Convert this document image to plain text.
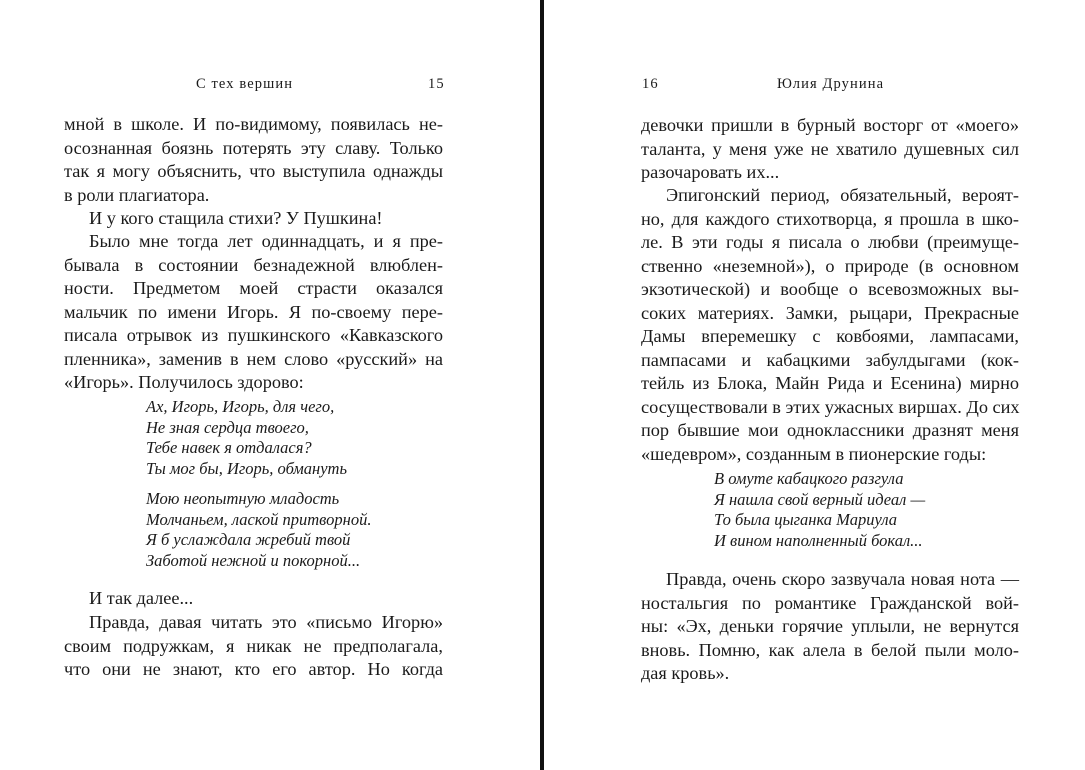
С тех вершин	15
мной в школе. И по-видимому, появилась не-
осознанная боязнь потерять эту славу. Только
так я могу объяснить, что выступила однажды
в роли плагиатора.
И у кого стащила стихи? У Пушкина!
Было мне тогда лет одиннадцать, и я пре-
бывала в состоянии безнадежной влюблен-
ности. Предметом моей страсти оказался
мальчик по имени Игорь. Я по-своему пере-
писала отрывок из пушкинского «Кавказского
пленника», заменив в нем слово «русский» на
«Игорь». Получилось здорово:
Ах, Игорь, Игорь, для чего,
Не зная сердца твоего,
Тебе навек я отдалася?
Ты мог бы, Игорь, обмануть
Мою неопытную младость
Молчаньем, лаской притворной.
Я б услаждала жребий твой
Заботой нежной и покорной...
И так далее...
Правда, давая читать это «письмо Игорю»
своим подружкам, я никак не предполагала,
что они не знают, кто его автор. Но когда
16	Юлия Друнина
девочки пришли в бурный восторг от «моего»
таланта, у меня уже не хватило душевных сил
разочаровать их...
Эпигонский период, обязательный, вероят-
но, для каждого стихотворца, я прошла в шко-
ле. В эти годы я писала о любви (преимуще-
ственно «неземной»), о природе (в основном
экзотической) и вообще о всевозможных вы-
соких материях. Замки, рыцари, Прекрасные
Дамы вперемешку с ковбоями, лампасами,
пампасами и кабацкими забулдыгами (кок-
тейль из Блока, Майн Рида и Есенина) мирно
сосуществовали в этих ужасных виршах. До сих
пор бывшие мои одноклассники дразнят меня
«шедевром», созданным в пионерские годы:
В омуте кабацкого разгула
Я нашла свой верный идеал —
То была цыганка Мариула
И вином наполненный бокал...
Правда, очень скоро зазвучала новая нота —
ностальгия по романтике Гражданской вой-
ны: «Эх, деньки горячие уплыли, не вернутся
вновь. Помню, как алела в белой пыли моло-
дая кровь».
